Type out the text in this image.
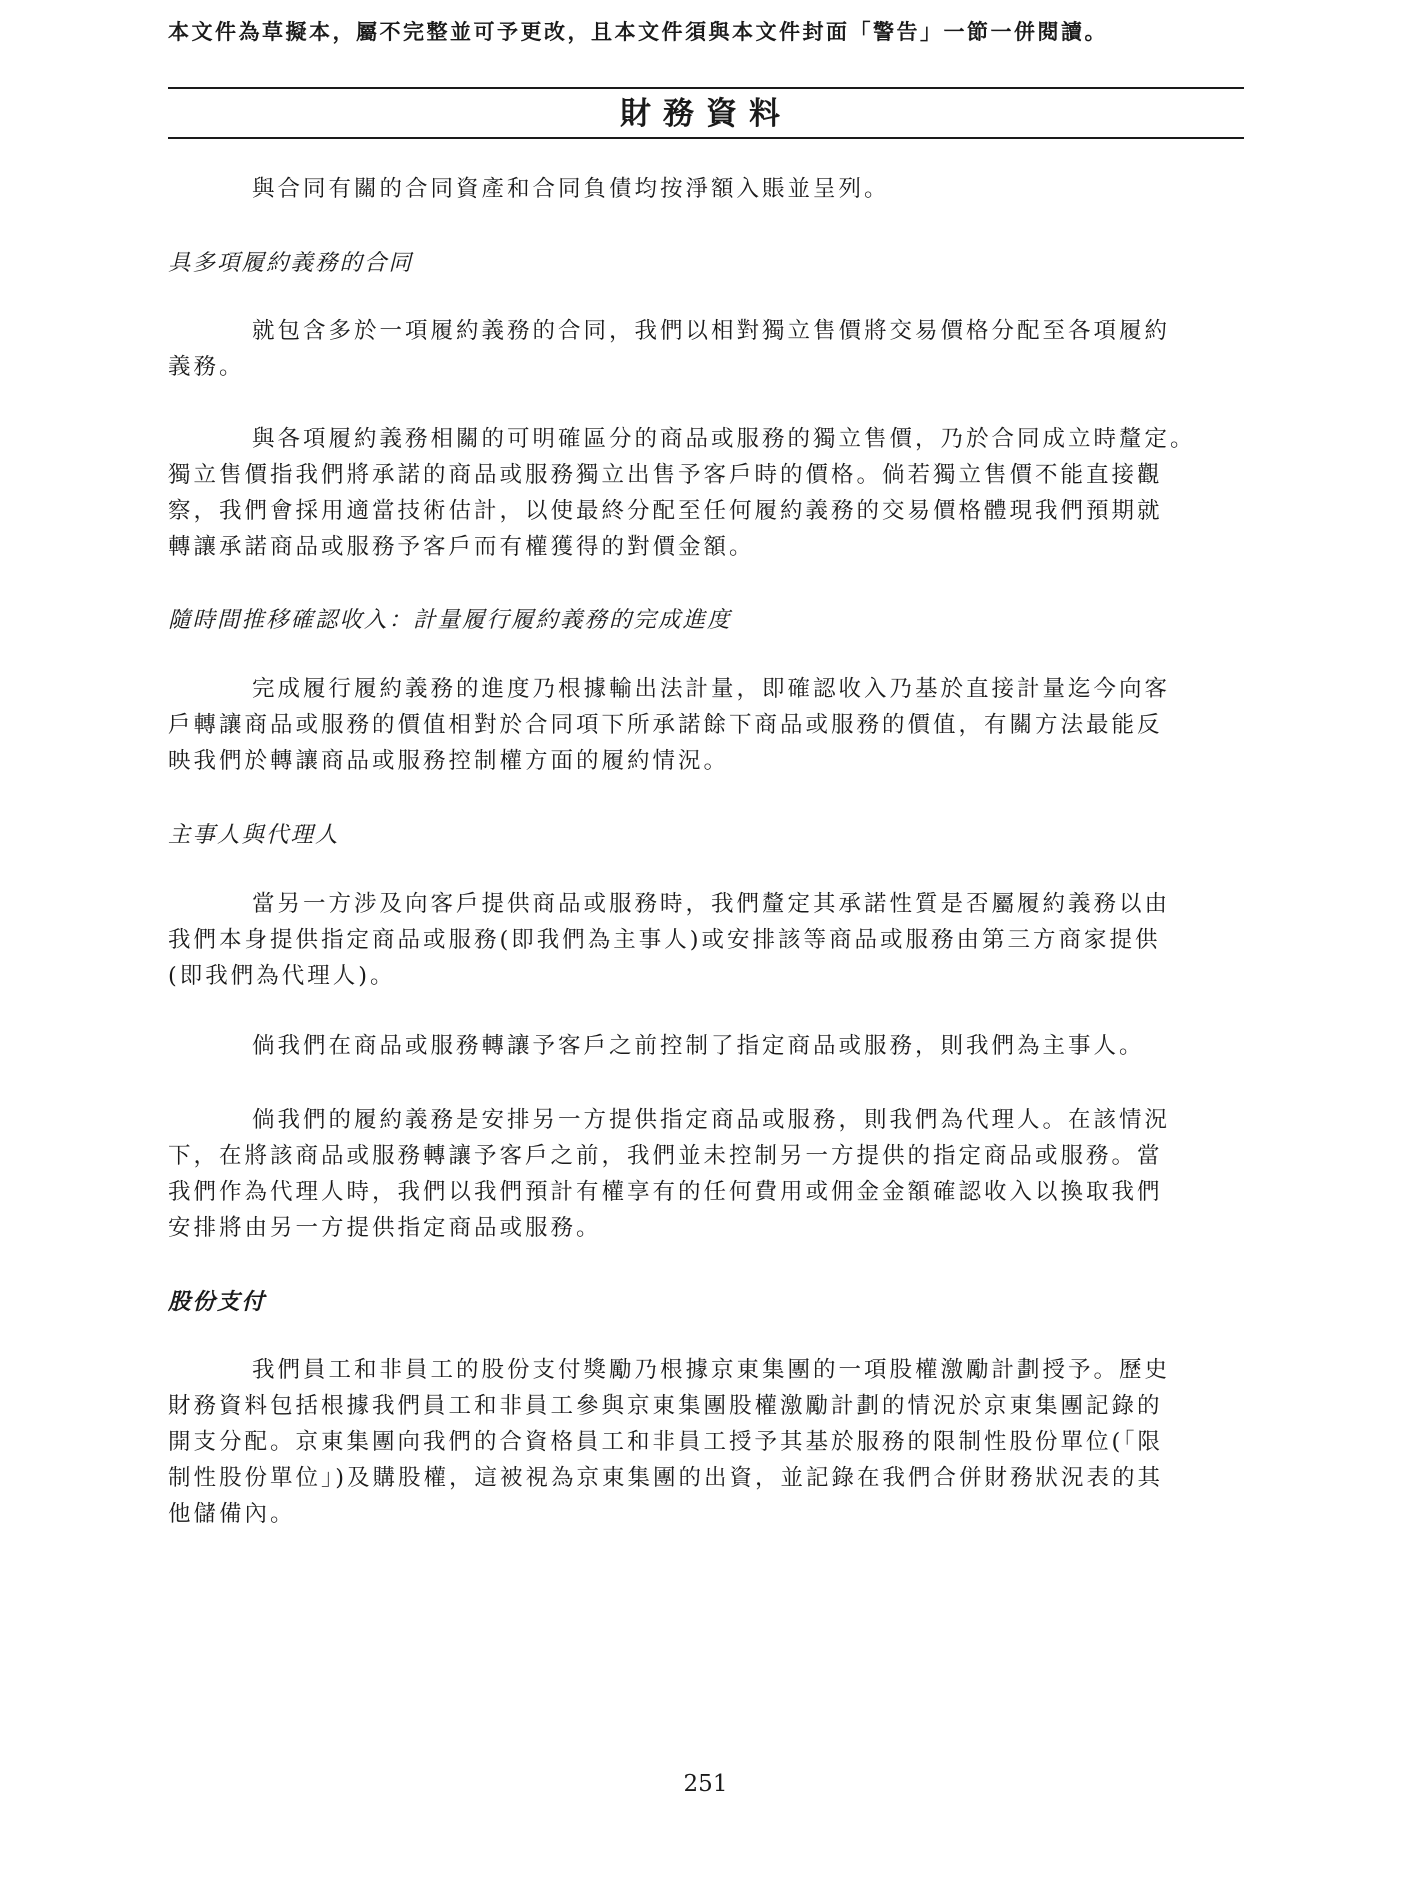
本文件為草擬本，屬不完整並可予更改，且本文件須與本文件封面「警告」一節一併閱讀。
財務資料
與合同有關的合同資產和合同負債均按淨額入賬並呈列。
具多項履約義務的合同
就包含多於一項履約義務的合同，我們以相對獨立售價將交易價格分配至各項履約
義務。
與各項履約義務相關的可明確區分的商品或服務的獨立售價，乃於合同成立時釐定。
獨立售價指我們將承諾的商品或服務獨立出售予客戶時的價格。倘若獨立售價不能直接觀
察，我們會採用適當技術估計，以使最終分配至任何履約義務的交易價格體現我們預期就
轉讓承諾商品或服務予客戶而有權獲得的對價金額。
隨時間推移確認收入：計量履行履約義務的完成進度
完成履行履約義務的進度乃根據輸出法計量，即確認收入乃基於直接計量迄今向客
戶轉讓商品或服務的價值相對於合同項下所承諾餘下商品或服務的價值，有關方法最能反
映我們於轉讓商品或服務控制權方面的履約情況。
主事人與代理人
當另一方涉及向客戶提供商品或服務時，我們釐定其承諾性質是否屬履約義務以由
我們本身提供指定商品或服務(即我們為主事人)或安排該等商品或服務由第三方商家提供
(即我們為代理人)。
倘我們在商品或服務轉讓予客戶之前控制了指定商品或服務，則我們為主事人。
倘我們的履約義務是安排另一方提供指定商品或服務，則我們為代理人。在該情況
下，在將該商品或服務轉讓予客戶之前，我們並未控制另一方提供的指定商品或服務。當
我們作為代理人時，我們以我們預計有權享有的任何費用或佣金金額確認收入以換取我們
安排將由另一方提供指定商品或服務。
股份支付
我們員工和非員工的股份支付獎勵乃根據京東集團的一項股權激勵計劃授予。歷史
財務資料包括根據我們員工和非員工參與京東集團股權激勵計劃的情況於京東集團記錄的
開支分配。京東集團向我們的合資格員工和非員工授予其基於服務的限制性股份單位(「限
制性股份單位」)及購股權，這被視為京東集團的出資，並記錄在我們合併財務狀況表的其
他儲備內。
251
